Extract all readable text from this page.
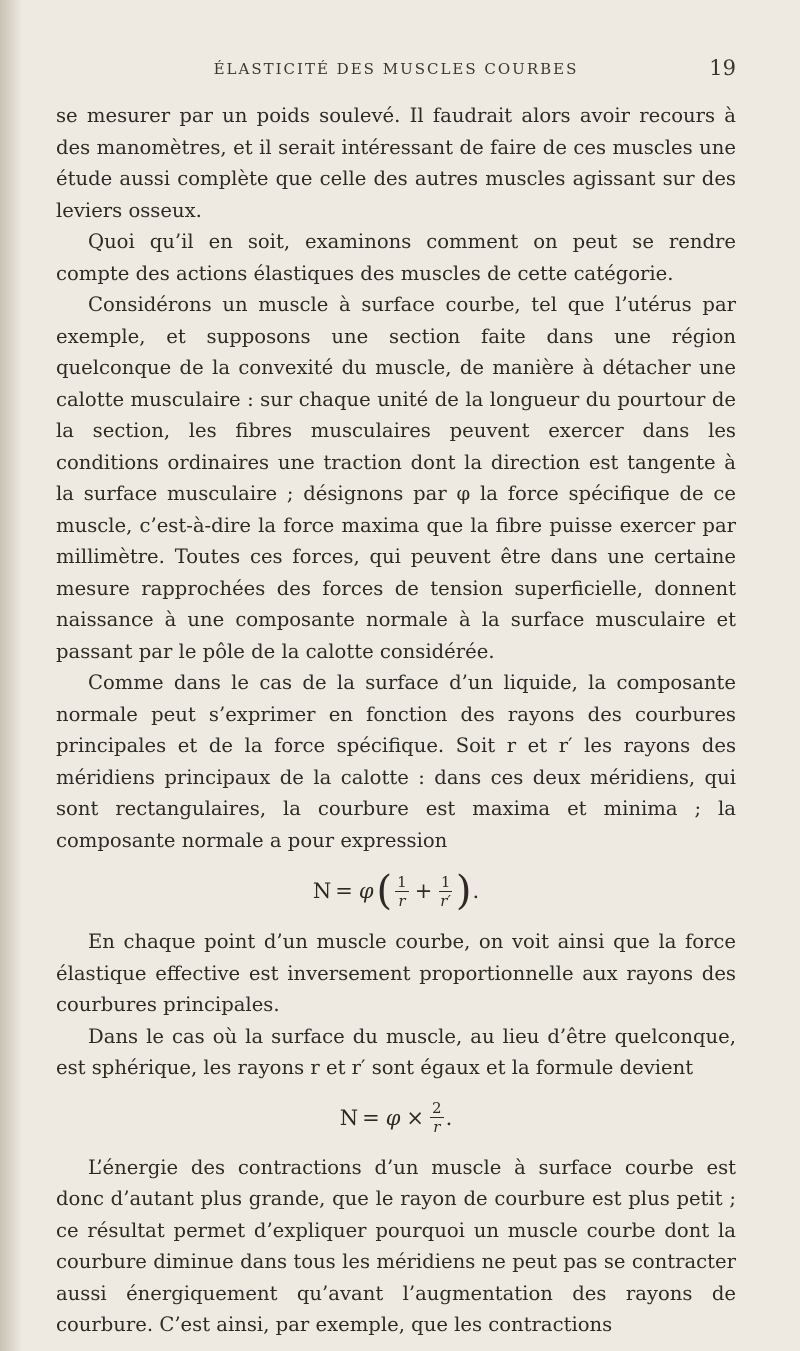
ÉLASTICITÉ DES MUSCLES COURBES	19

se mesurer par un poids soulevé. Il faudrait alors avoir recours à des manomètres, et il serait intéressant de faire de ces muscles une étude aussi complète que celle des autres muscles agissant sur des leviers osseux.

Quoi qu’il en soit, examinons comment on peut se rendre compte des actions élastiques des muscles de cette catégorie.

Considérons un muscle à surface courbe, tel que l’utérus par exemple, et supposons une section faite dans une région quelconque de la convexité du muscle, de manière à détacher une calotte musculaire : sur chaque unité de la longueur du pourtour de la section, les fibres musculaires peuvent exercer dans les conditions ordinaires une traction dont la direction est tangente à la surface musculaire ; désignons par φ la force spécifique de ce muscle, c’est-à-dire la force maxima que la fibre puisse exercer par millimètre. Toutes ces forces, qui peuvent être dans une certaine mesure rapprochées des forces de tension superficielle, donnent naissance à une composante normale à la surface musculaire et passant par le pôle de la calotte considérée.

Comme dans le cas de la surface d’un liquide, la composante normale peut s’exprimer en fonction des rayons des courbures principales et de la force spécifique. Soit r et r′ les rayons des méridiens principaux de la calotte : dans ces deux méridiens, qui sont rectangulaires, la courbure est maxima et minima ; la composante normale a pour expression

N = φ ( $\frac{1}{r} + \frac{1}{r'}$ ) .

En chaque point d’un muscle courbe, on voit ainsi que la force élastique effective est inversement proportionnelle aux rayons des courbures principales.

Dans le cas où la surface du muscle, au lieu d’être quelconque, est sphérique, les rayons r et r′ sont égaux et la formule devient

$N = \varphi \times \frac{2}{r}$ .

L’énergie des contractions d’un muscle à surface courbe est donc d’autant plus grande, que le rayon de courbure est plus petit ; ce résultat permet d’expliquer pourquoi un muscle courbe dont la courbure diminue dans tous les méridiens ne peut pas se contracter aussi énergiquement qu’avant l’augmentation des rayons de courbure. C’est ainsi, par exemple, que les contractions
